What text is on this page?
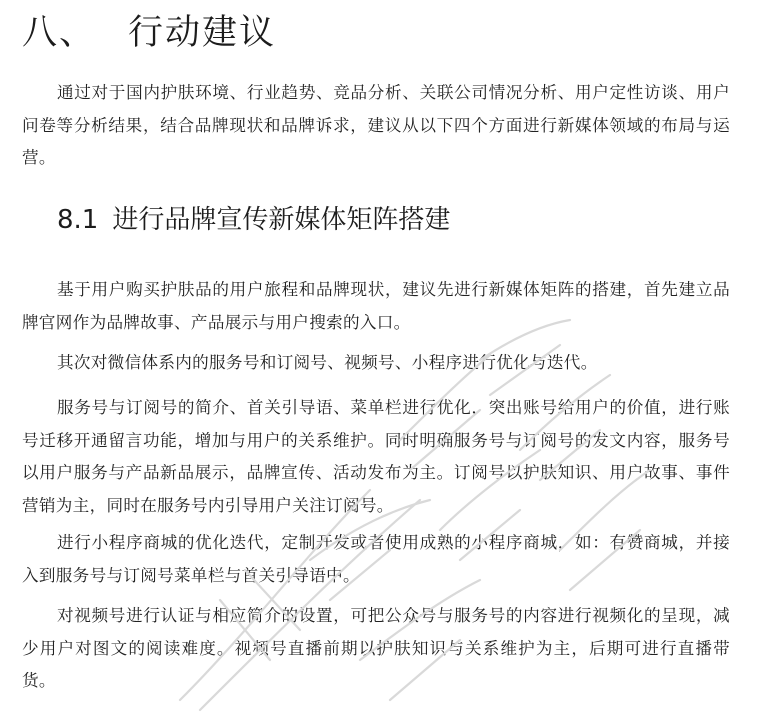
八、 行动建议

通过对于国内护肤环境、行业趋势、竞品分析、关联公司情况分析、用户定性访谈、用户问卷等分析结果，结合品牌现状和品牌诉求，建议从以下四个方面进行新媒体领域的布局与运营。

8.1 进行品牌宣传新媒体矩阵搭建

基于用户购买护肤品的用户旅程和品牌现状，建议先进行新媒体矩阵的搭建，首先建立品牌官网作为品牌故事、产品展示与用户搜索的入口。

其次对微信体系内的服务号和订阅号、视频号、小程序进行优化与迭代。

服务号与订阅号的简介、首关引导语、菜单栏进行优化，突出账号给用户的价值，进行账号迁移开通留言功能，增加与用户的关系维护。同时明确服务号与订阅号的发文内容，服务号以用户服务与产品新品展示，品牌宣传、活动发布为主。订阅号以护肤知识、用户故事、事件营销为主，同时在服务号内引导用户关注订阅号。

进行小程序商城的优化迭代，定制开发或者使用成熟的小程序商城，如：有赞商城，并接入到服务号与订阅号菜单栏与首关引导语中。

对视频号进行认证与相应简介的设置，可把公众号与服务号的内容进行视频化的呈现，减少用户对图文的阅读难度。视频号直播前期以护肤知识与关系维护为主，后期可进行直播带货。
